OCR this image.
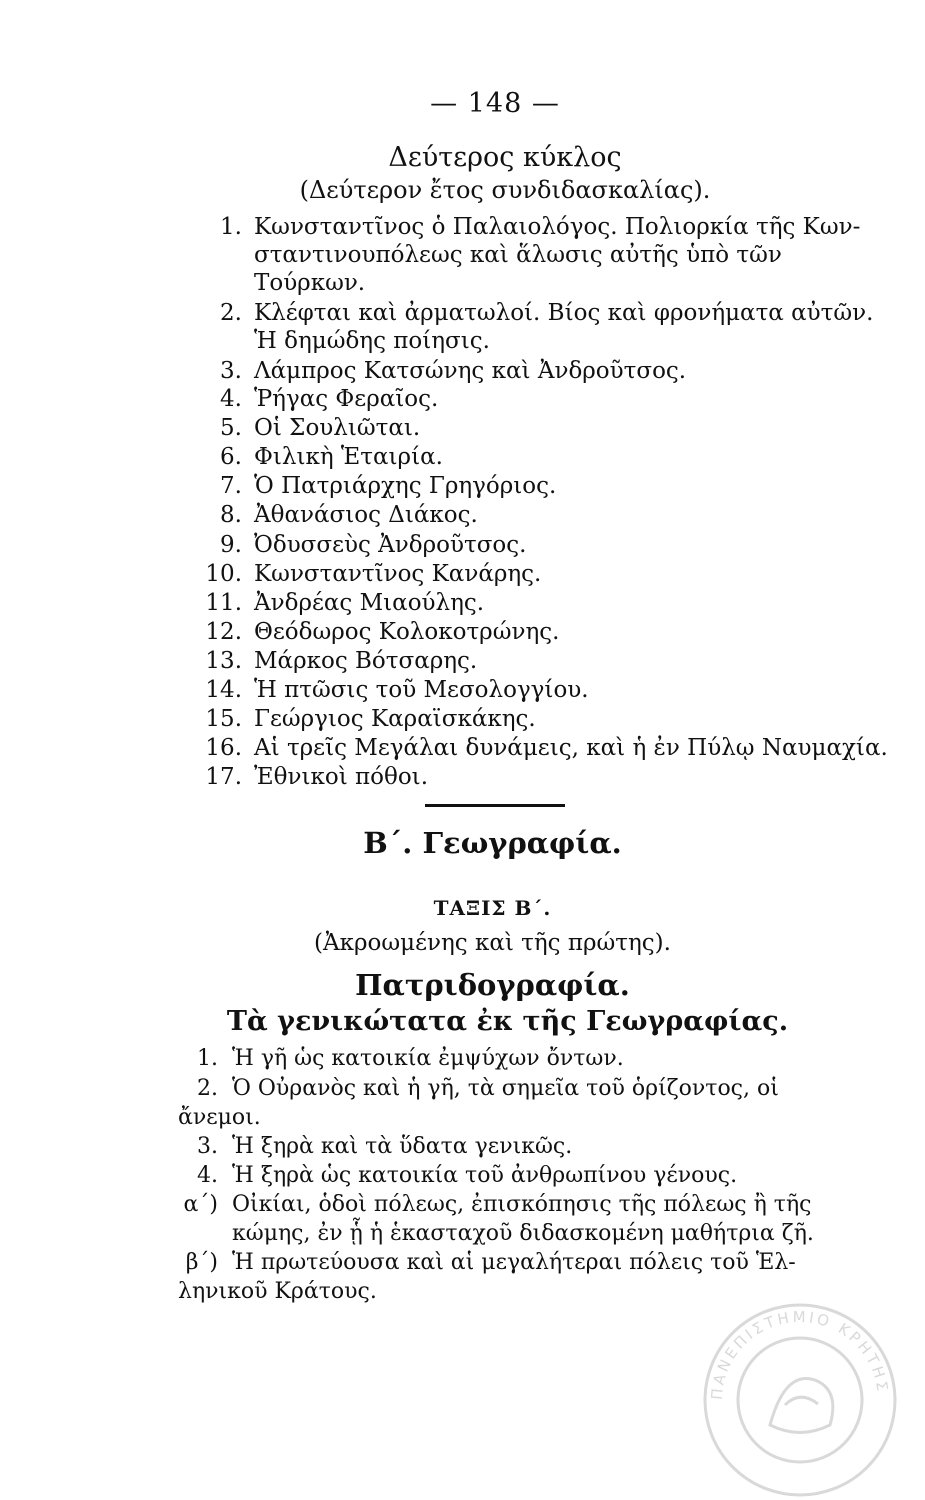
— 148 —
Δεύτερος κύκλος
(Δεύτερον ἔτος συνδιδασκαλίας).
1. Κωνσταντῖνος ὁ Παλαιολόγος. Πολιορκία τῆς Κων-
σταντινουπόλεως καὶ ἅλωσις αὐτῆς ὑπὸ τῶν
Τούρκων.
2. Κλέφται καὶ ἀρματωλοί. Βίος καὶ φρονήματα αὐτῶν.
Ἡ δημώδης ποίησις.
3. Λάμπρος Κατσώνης καὶ Ἀνδροῦτσος.
4. Ῥήγας Φεραῖος.
5. Οἱ Σουλιῶται.
6. Φιλικὴ Ἑταιρία.
7. Ὁ Πατριάρχης Γρηγόριος.
8. Ἀθανάσιος Διάκος.
9. Ὀδυσσεὺς Ἀνδροῦτσος.
10. Κωνσταντῖνος Κανάρης.
11. Ἀνδρέας Μιαούλης.
12. Θεόδωρος Κολοκοτρώνης.
13. Μάρκος Βότσαρης.
14. Ἡ πτῶσις τοῦ Μεσολογγίου.
15. Γεώργιος Καραϊσκάκης.
16. Αἱ τρεῖς Μεγάλαι δυνάμεις, καὶ ἡ ἐν Πύλῳ Ναυμαχία.
17. Ἐθνικοὶ πόθοι.
Β΄. Γεωγραφία.
ΤΑΞΙΣ Β΄.
(Ἀκροωμένης καὶ τῆς πρώτης).
Πατριδογραφία.
Τὰ γενικώτατα ἐκ τῆς Γεωγραφίας.
1. Ἡ γῆ ὡς κατοικία ἐμψύχων ὄντων.
2. Ὁ Οὐρανὸς καὶ ἡ γῆ, τὰ σημεῖα τοῦ ὁρίζοντος, οἱ
ἄνεμοι.
3. Ἡ ξηρὰ καὶ τὰ ὕδατα γενικῶς.
4. Ἡ ξηρὰ ὡς κατοικία τοῦ ἀνθρωπίνου γένους.
α΄) Οἰκίαι, ὁδοὶ πόλεως, ἐπισκόπησις τῆς πόλεως ἢ τῆς
κώμης, ἐν ᾗ ἡ ἑκασταχοῦ διδασκομένη μαθήτρια ζῆ.
β΄) Ἡ πρωτεύουσα καὶ αἱ μεγαλήτεραι πόλεις τοῦ Ἑλ-
ληνικοῦ Κράτους.
ΠΑΝΕΠΙΣΤΗΜΙΟ ΚΡΗΤΗΣ
